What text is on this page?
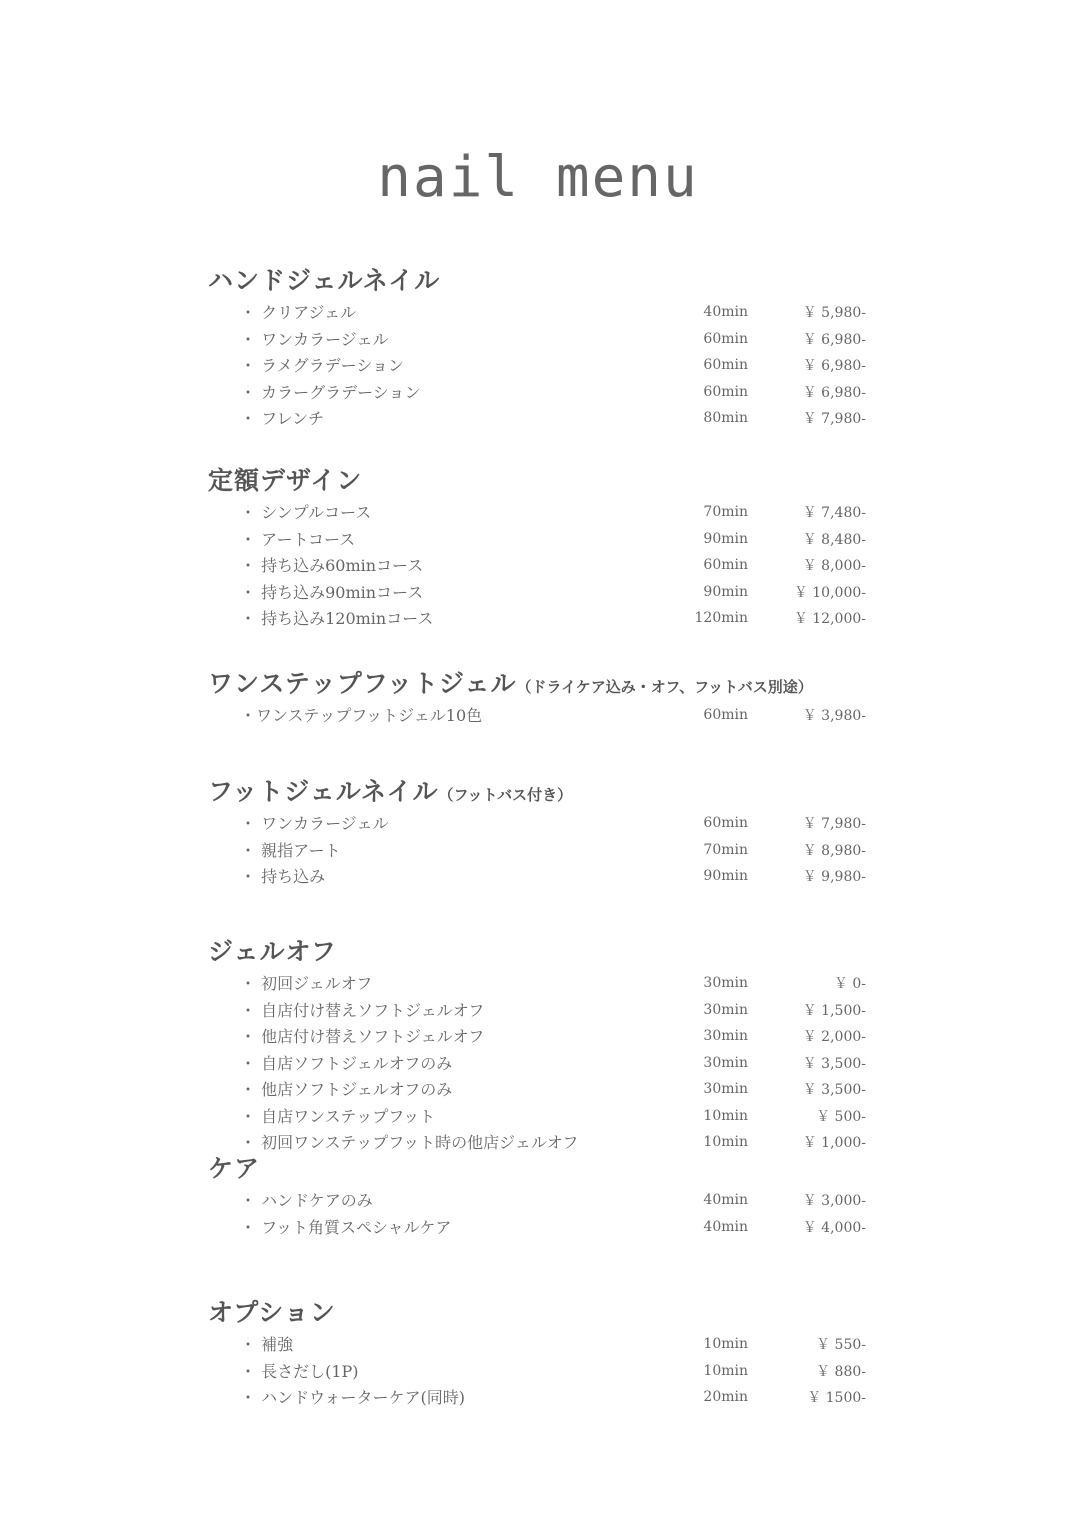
nail menu
ハンドジェルネイル
・ クリアジェル	40min	￥ 5,980-
・ ワンカラージェル	60min	￥ 6,980-
・ ラメグラデーション	60min	￥ 6,980-
・ カラーグラデーション	60min	￥ 6,980-
・ フレンチ	80min	￥ 7,980-
定額デザイン
・ シンプルコース	70min	￥ 7,480-
・ アートコース	90min	￥ 8,480-
・ 持ち込み60minコース	60min	￥ 8,000-
・ 持ち込み90minコース	90min	￥ 10,000-
・ 持ち込み120minコース	120min	￥ 12,000-
ワンステップフットジェル（ドライケア込み・オフ、フットバス別途）
・ワンステップフットジェル10色	60min	￥ 3,980-
フットジェルネイル（フットバス付き）
・ ワンカラージェル	60min	￥ 7,980-
・ 親指アート	70min	￥ 8,980-
・ 持ち込み	90min	￥ 9,980-
ジェルオフ
・ 初回ジェルオフ	30min	￥ 0-
・ 自店付け替えソフトジェルオフ	30min	￥ 1,500-
・ 他店付け替えソフトジェルオフ	30min	￥ 2,000-
・ 自店ソフトジェルオフのみ	30min	￥ 3,500-
・ 他店ソフトジェルオフのみ	30min	￥ 3,500-
・ 自店ワンステップフット	10min	￥ 500-
・ 初回ワンステップフット時の他店ジェルオフ	10min	￥ 1,000-
ケア
・ ハンドケアのみ	40min	￥ 3,000-
・ フット角質スペシャルケア	40min	￥ 4,000-
オプション
・ 補強	10min	￥ 550-
・ 長さだし(1P)	10min	￥ 880-
・ ハンドウォーターケア(同時)	20min	￥ 1500-
